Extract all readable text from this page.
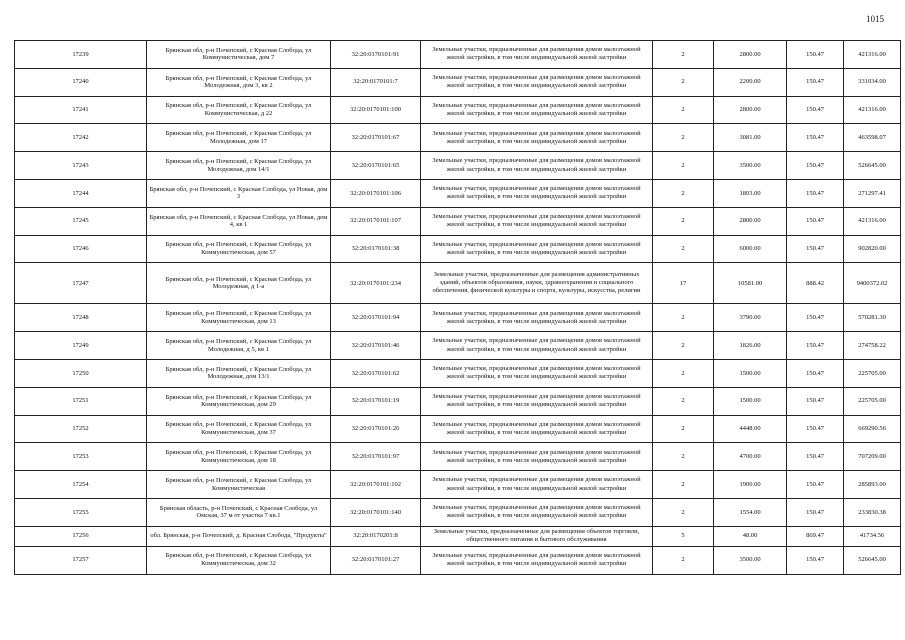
1015
17239	Брянская обл, р-н Почепский, с Красная Слобода, ул Коммунистическая, дом 7	32:20:0170101:91	Земельные участки, предназначенные для размещения домов малоэтажной жилой застройки, в том числе индивидуальной жилой застройки	2	2800.00	150.47	421316.00
17240	Брянская обл, р-н Почепский, с Красная Слобода, ул Молодежная, дом 3, кв 2	32:20:0170101:7	Земельные участки, предназначенные для размещения домов малоэтажной жилой застройки, в том числе индивидуальной жилой застройки	2	2200.00	150.47	331034.00
17241	Брянская обл, р-н Почепский, с Красная Слобода, ул Коммунистическая, д 22	32:20:0170101:100	Земельные участки, предназначенные для размещения домов малоэтажной жилой застройки, в том числе индивидуальной жилой застройки	2	2800.00	150.47	421316.00
17242	Брянская обл, р-н Почепский, с Красная Слобода, ул Молодежная, дом 17	32:20:0170101:67	Земельные участки, предназначенные для размещения домов малоэтажной жилой застройки, в том числе индивидуальной жилой застройки	2	3081.00	150.47	463598.07
17243	Брянская обл, р-н Почепский, с Красная Слобода, ул Молодежная, дом 14/1	32:20:0170101:65	Земельные участки, предназначенные для размещения домов малоэтажной жилой застройки, в том числе индивидуальной жилой застройки	2	3500.00	150.47	526645.00
17244	Брянская обл, р-н Почепский, с Красная Слобода, ул Новая, дом 3	32:20:0170101:106	Земельные участки, предназначенные для размещения домов малоэтажной жилой застройки, в том числе индивидуальной жилой застройки	2	1803.00	150.47	271297.41
17245	Брянская обл, р-н Почепский, с Красная Слобода, ул Новая, дом 4, кв 1	32:20:0170101:107	Земельные участки, предназначенные для размещения домов малоэтажной жилой застройки, в том числе индивидуальной жилой застройки	2	2800.00	150.47	421316.00
17246	Брянская обл, р-н Почепский, с Красная Слобода, ул Коммунистическая, дом 57	32:20:0170101:38	Земельные участки, предназначенные для размещения домов малоэтажной жилой застройки, в том числе индивидуальной жилой застройки	2	6000.00	150.47	902820.00
17247	Брянская обл, р-н Почепский, с Красная Слобода, ул Молодежная, д 1-а	32:20:0170101:234	Земельные участки, предназначенные для размещения административных зданий, объектов образования, науки, здравоохранения и социального обеспечения, физической культуры и спорта, культуры, искусства, религии	17	10581.00	888.42	9400372.02
17248	Брянская обл, р-н Почепский, с Красная Слобода, ул Коммунистическая, дом 13	32:20:0170101:94	Земельные участки, предназначенные для размещения домов малоэтажной жилой застройки, в том числе индивидуальной жилой застройки	2	3790.00	150.47	570281.30
17249	Брянская обл, р-н Почепский, с Красная Слобода, ул Молодежная, д 5, кв 1	32:20:0170101:46	Земельные участки, предназначенные для размещения домов малоэтажной жилой застройки, в том числе индивидуальной жилой застройки	2	1826.00	150.47	274758.22
17250	Брянская обл, р-н Почепский, с Красная Слобода, ул Молодежная, дом 13/1	32:20:0170101:62	Земельные участки, предназначенные для размещения домов малоэтажной жилой застройки, в том числе индивидуальной жилой застройки	2	1500.00	150.47	225705.00
17251	Брянская обл, р-н Почепский, с Красная Слобода, ул Коммунистическая, дом 29	32:20:0170101:19	Земельные участки, предназначенные для размещения домов малоэтажной жилой застройки, в том числе индивидуальной жилой застройки	2	1500.00	150.47	225705.00
17252	Брянская обл, р-н Почепский, с Красная Слобода, ул Коммунистическая, дом 37	32:20:0170101:26	Земельные участки, предназначенные для размещения домов малоэтажной жилой застройки, в том числе индивидуальной жилой застройки	2	4448.00	150.47	669290.56
17253	Брянская обл, р-н Почепский, с Красная Слобода, ул Коммунистическая, дом 18	32:20:0170101:97	Земельные участки, предназначенные для размещения домов малоэтажной жилой застройки, в том числе индивидуальной жилой застройки	2	4700.00	150.47	707209.00
17254	Брянская обл, р-н Почепский, с Красная Слобода, ул Коммунистическая	32:20:0170101:102	Земельные участки, предназначенные для размещения домов малоэтажной жилой застройки, в том числе индивидуальной жилой застройки	2	1900.00	150.47	285893.00
17255	Брянская область, р-н Почепский, с Красная Слобода, ул Омская, 37 м от участка 7 кв.1	32:20:0170101:140	Земельные участки, предназначенные для размещения домов малоэтажной жилой застройки, в том числе индивидуальной жилой застройки	2	1554.00	150.47	233830.38
17256	обл. Брянская, р-н Почепский, д. Красная Слобода, "Продукты"	32:20:0170201:8	Земельные участки, предназначенные для размещения объектов торговли, общественного питания и бытового обслуживания	5	48.00	869.47	41734.56
17257	Брянская обл, р-н Почепский, с Красная Слобода, ул Коммунистическая, дом 32	32:20:0170101:27	Земельные участки, предназначенные для размещения домов малоэтажной жилой застройки, в том числе индивидуальной жилой застройки	2	3500.00	150.47	526645.00
